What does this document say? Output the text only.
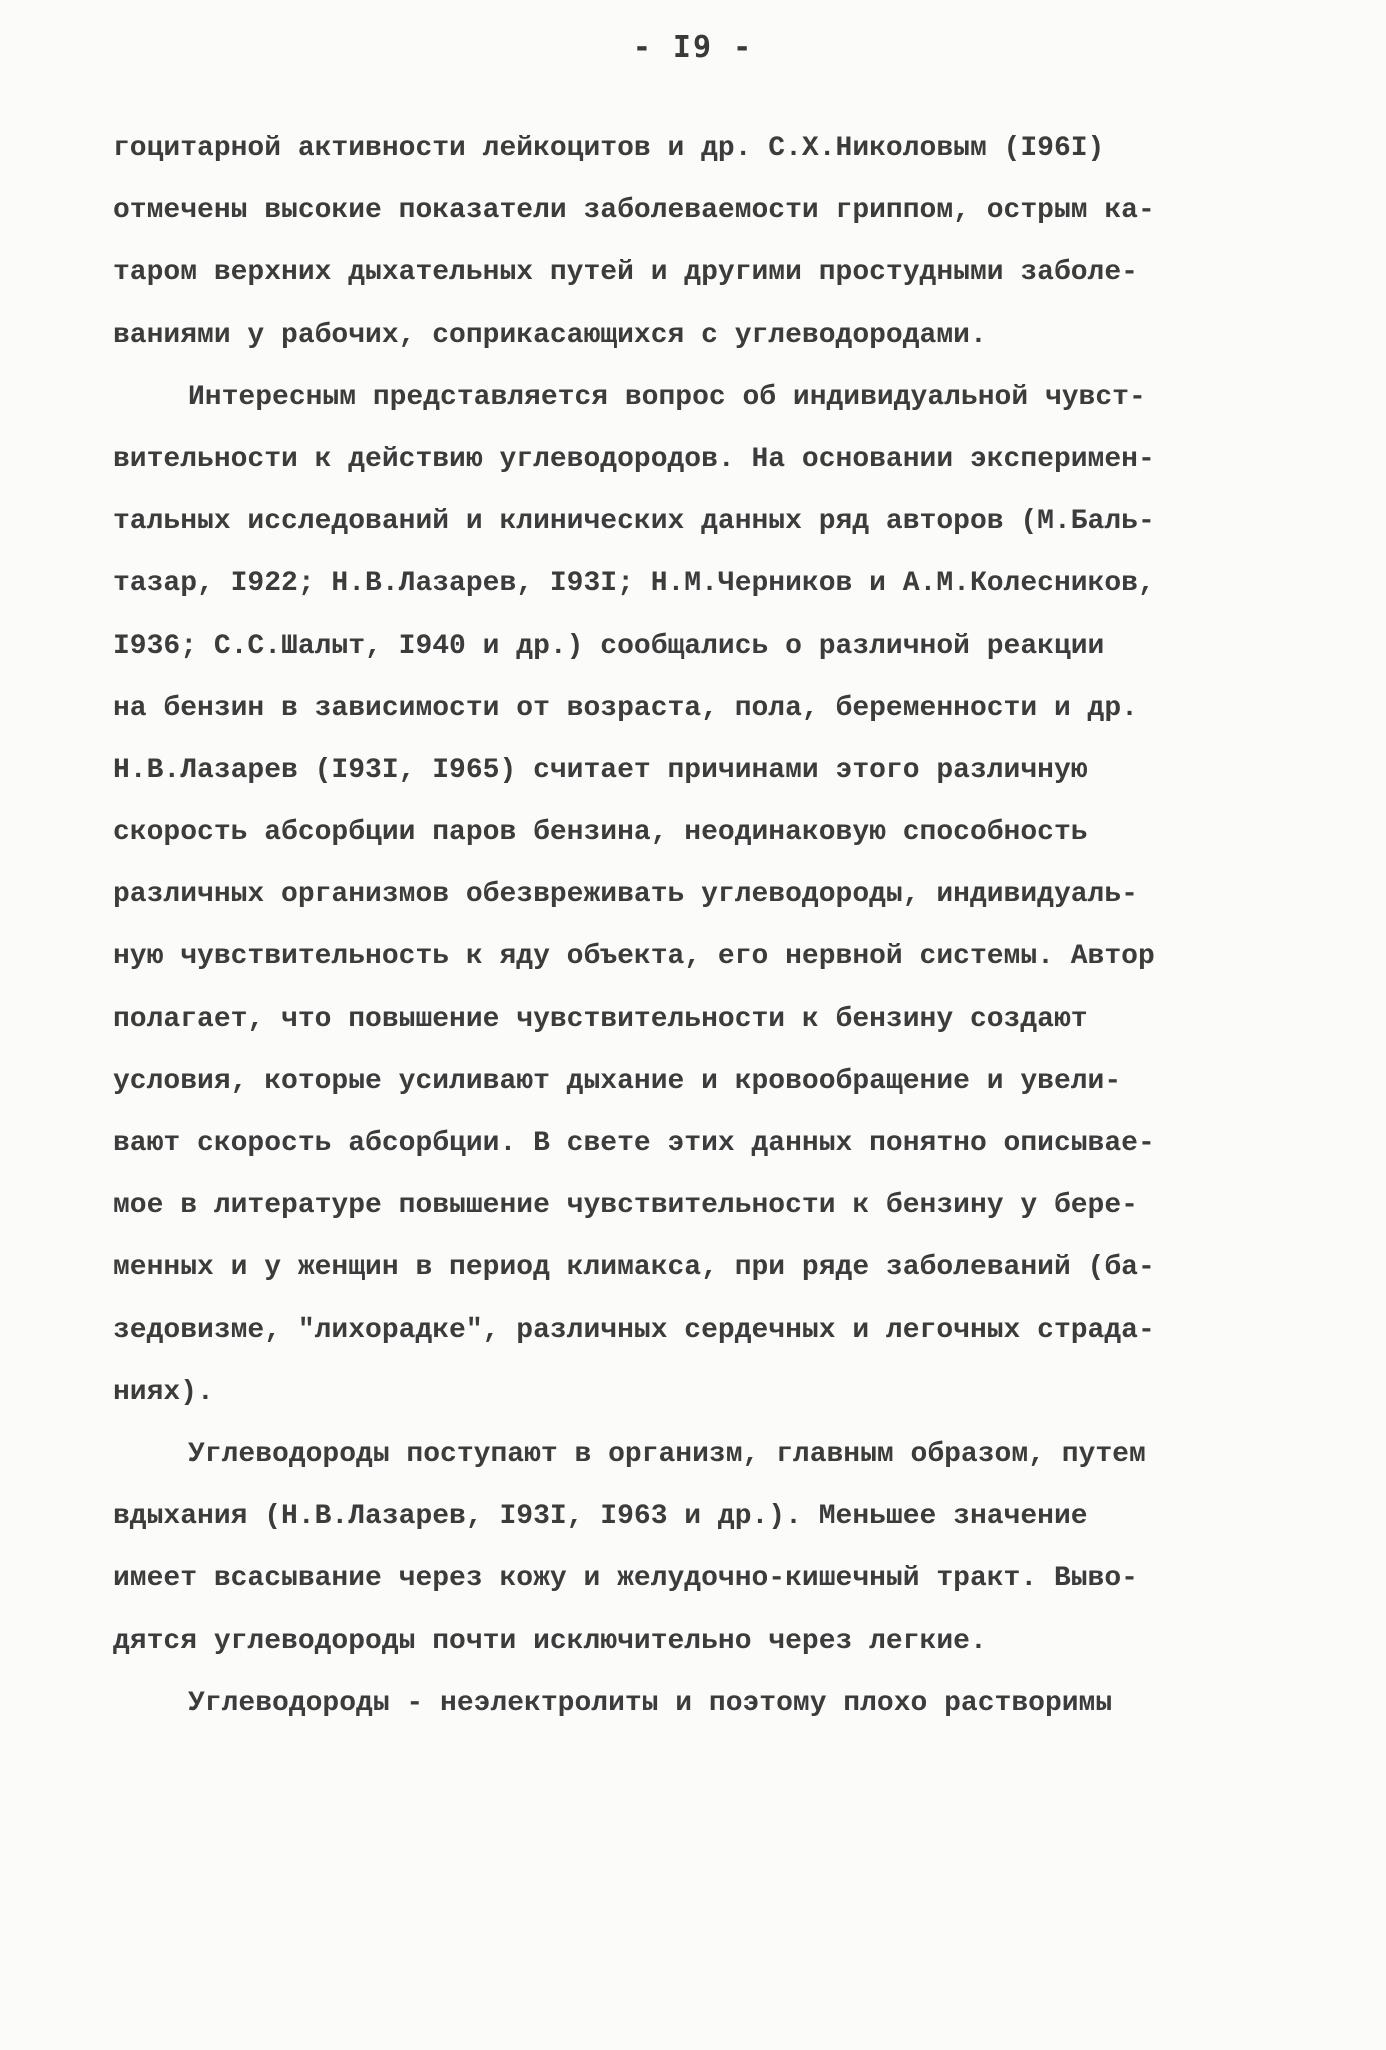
- I9 -
гоцитарной активности лейкоцитов и др. С.Х.Николовым (I96I)
отмечены высокие показатели заболеваемости гриппом, острым ка-
таром верхних дыхательных путей и другими простудными заболе-
ваниями у рабочих, соприкасающихся с углеводородами.
Интересным представляется вопрос об индивидуальной чувст-
вительности к действию углеводородов. На основании эксперимен-
тальных исследований и клинических данных ряд авторов (М.Баль-
тазар, I922; Н.В.Лазарев, I93I; Н.М.Черников и А.М.Колесников,
I936; С.С.Шалыт, I940 и др.) сообщались о различной реакции
на бензин в зависимости от возраста, пола, беременности и др.
Н.В.Лазарев (I93I, I965) считает причинами этого различную
скорость абсорбции паров бензина, неодинаковую способность
различных организмов обезвреживать углеводороды, индивидуаль-
ную чувствительность к яду объекта, его нервной системы. Автор
полагает, что повышение чувствительности к бензину создают
условия, которые усиливают дыхание и кровообращение и увели-
вают скорость абсорбции. В свете этих данных понятно описывае-
мое в литературе повышение чувствительности к бензину у бере-
менных и у женщин в период климакса, при ряде заболеваний (ба-
зедовизме, "лихорадке", различных сердечных и легочных страда-
ниях).
Углеводороды поступают в организм, главным образом, путем
вдыхания (Н.В.Лазарев, I93I, I963 и др.). Меньшее значение
имеет всасывание через кожу и желудочно-кишечный тракт. Выво-
дятся углеводороды почти исключительно через легкие.
Углеводороды - неэлектролиты и поэтому плохо растворимы
